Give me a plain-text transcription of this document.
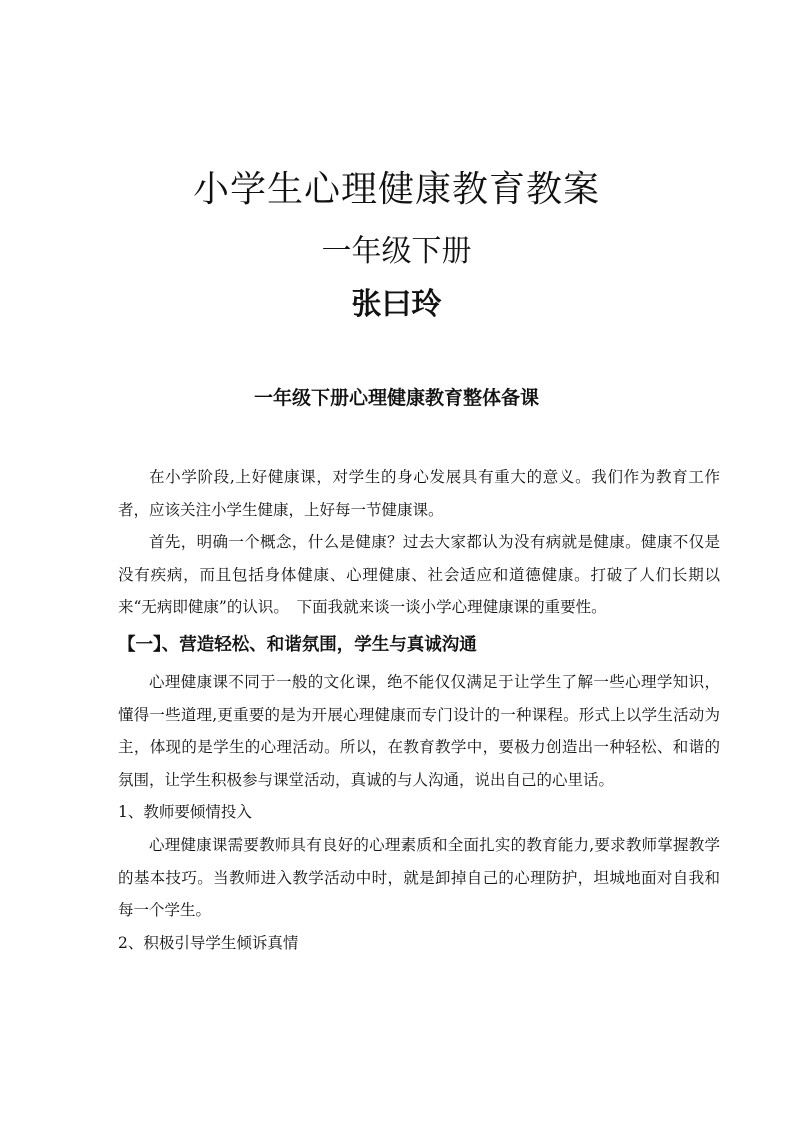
小学生心理健康教育教案
一年级下册
张曰玲
一年级下册心理健康教育整体备课

在小学阶段,上好健康课，对学生的身心发展具有重大的意义。我们作为教育工作者，应该关注小学生健康，上好每一节健康课。

首先，明确一个概念，什么是健康？过去大家都认为没有病就是健康。健康不仅是没有疾病，而且包括身体健康、心理健康、社会适应和道德健康。打破了人们长期以来“无病即健康”的认识。　下面我就来谈一谈小学心理健康课的重要性。

【一】、营造轻松、和谐氛围，学生与真诚沟通

心理健康课不同于一般的文化课，绝不能仅仅满足于让学生了解一些心理学知识，懂得一些道理,更重要的是为开展心理健康而专门设计的一种课程。形式上以学生活动为主，体现的是学生的心理活动。所以，在教育教学中，要极力创造出一种轻松、和谐的氛围，让学生积极参与课堂活动，真诚的与人沟通，说出自己的心里话。

1、教师要倾情投入

心理健康课需要教师具有良好的心理素质和全面扎实的教育能力,要求教师掌握教学的基本技巧。当教师进入教学活动中时，就是卸掉自己的心理防护，坦城地面对自我和每一个学生。

2、积极引导学生倾诉真情
